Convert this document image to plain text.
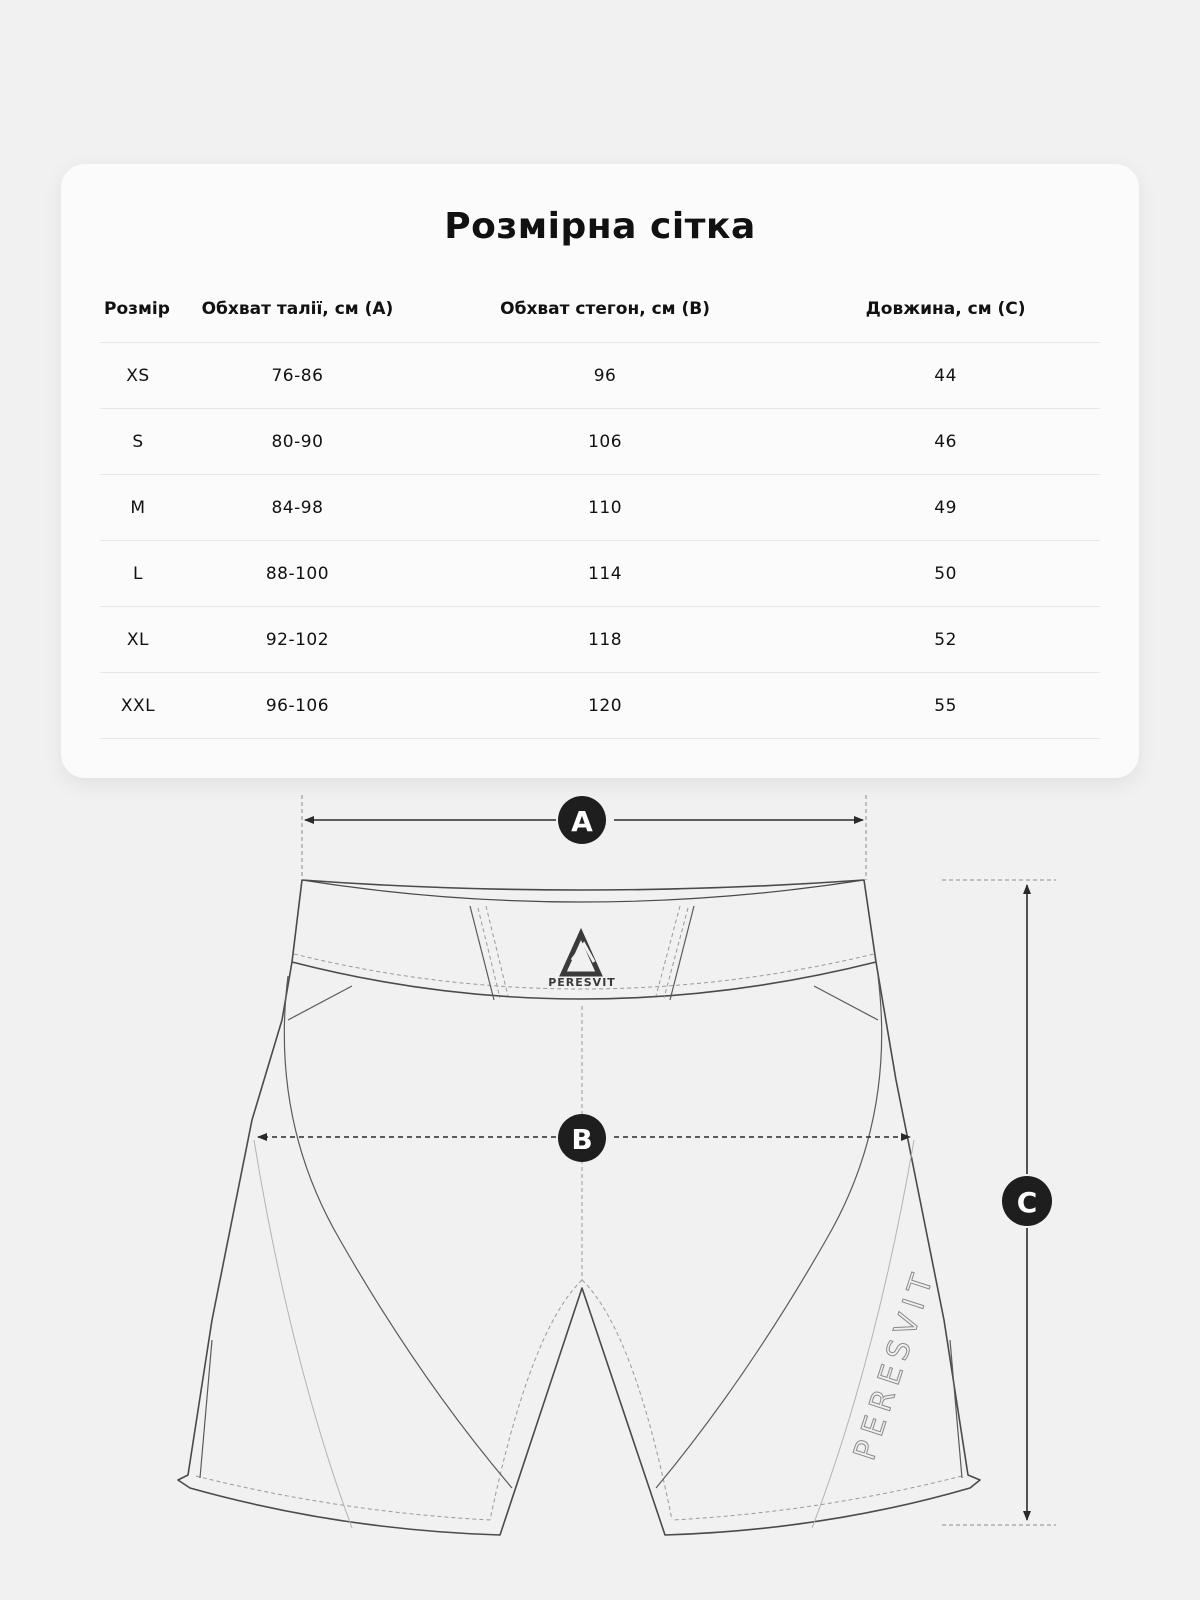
Розмірна сітка
Розмір	Обхват талії, см (А)	Обхват стегон, см (В)	Довжина, см (С)
XS	76-86	96	44
S	80-90	106	46
M	84-98	110	49
L	88-100	114	50
XL	92-102	118	52
XXL	96-106	120	55
PERESVIT
PERESVIT
A
B
C
